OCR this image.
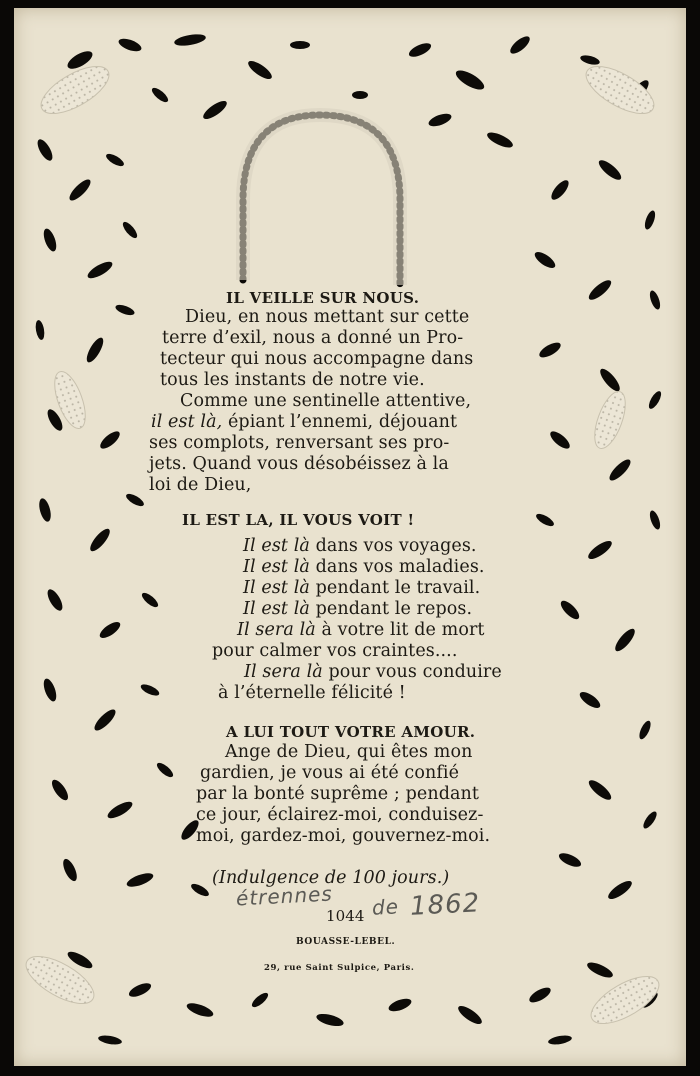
IL VEILLE SUR NOUS.
Dieu, en nous mettant sur cette
terre d’exil, nous a donné un Pro-
tecteur qui nous accompagne dans
tous les instants de notre vie.
Comme une sentinelle attentive,
il est là, épiant l’ennemi, déjouant
ses complots, renversant ses pro-
jets. Quand vous désobéissez à la
loi de Dieu,
IL EST LA, IL VOUS VOIT !
Il est là dans vos voyages.
Il est là dans vos maladies.
Il est là pendant le travail.
Il est là pendant le repos.
Il sera là à votre lit de mort
pour calmer vos craintes....
Il sera là pour vous conduire
à l’éternelle félicité !
A LUI TOUT VOTRE AMOUR.
Ange de Dieu, qui êtes mon
gardien, je vous ai été confié
par la bonté suprême ; pendant
ce jour, éclairez-moi, conduisez-
moi, gardez-moi, gouvernez-moi.
(Indulgence de 100 jours.)
étrennes de 1862
1044
BOUASSE-LEBEL.
29, rue Saint Sulpice, Paris.
